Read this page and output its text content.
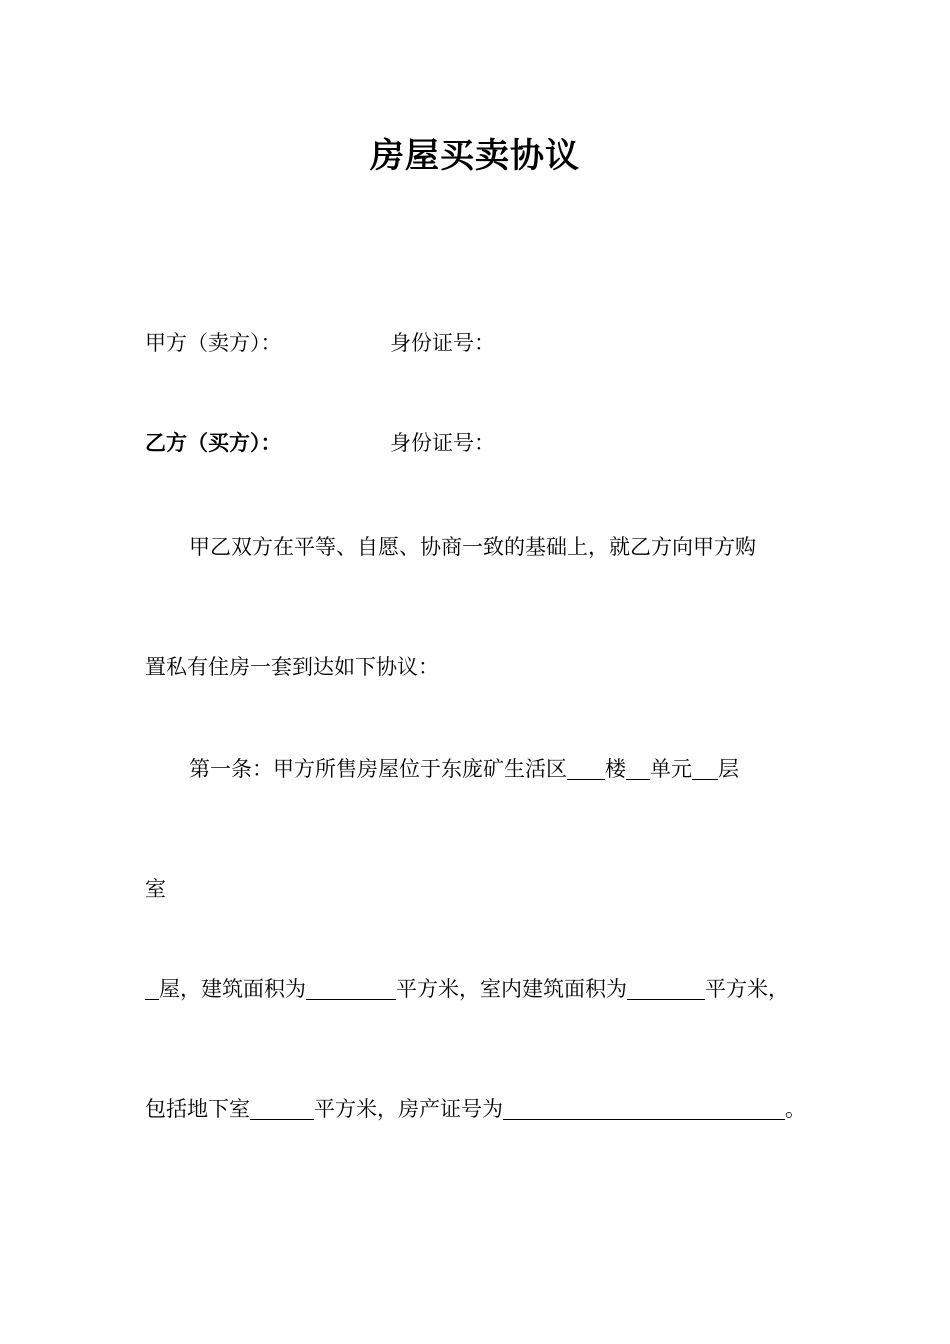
房屋买卖协议
甲方（卖方）：	身份证号：
乙方（买方）：	身份证号：
甲乙双方在平等、自愿、协商一致的基础上，就乙方向甲方购
置私有住房一套到达如下协议：
第一条：甲方所售房屋位于东庞矿生活区 楼 单元 层
室
屋，建筑面积为	平方米，室内建筑面积为	平方米，
包括地下室	平方米，房产证号为	。
